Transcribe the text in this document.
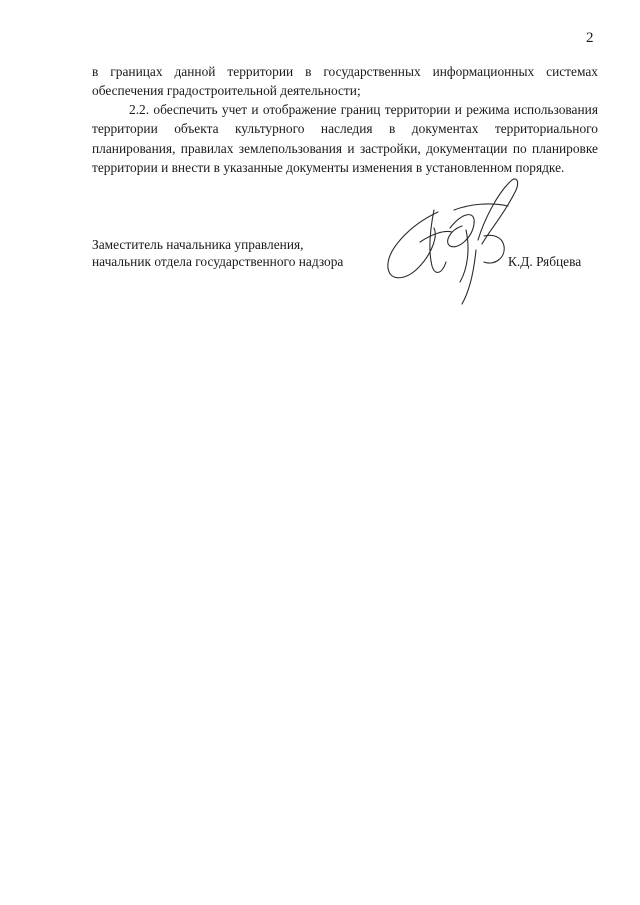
2
в границах данной территории в государственных информационных системах обеспечения градостроительной деятельности;
2.2. обеспечить учет и отображение границ территории и режима использования территории объекта культурного наследия в документах территориального планирования, правилах землепользования и застройки, документации по планировке территории и внести в указанные документы изменения в установленном порядке.
Заместитель начальника управления,
начальник отдела государственного надзора	К.Д. Рябцева
